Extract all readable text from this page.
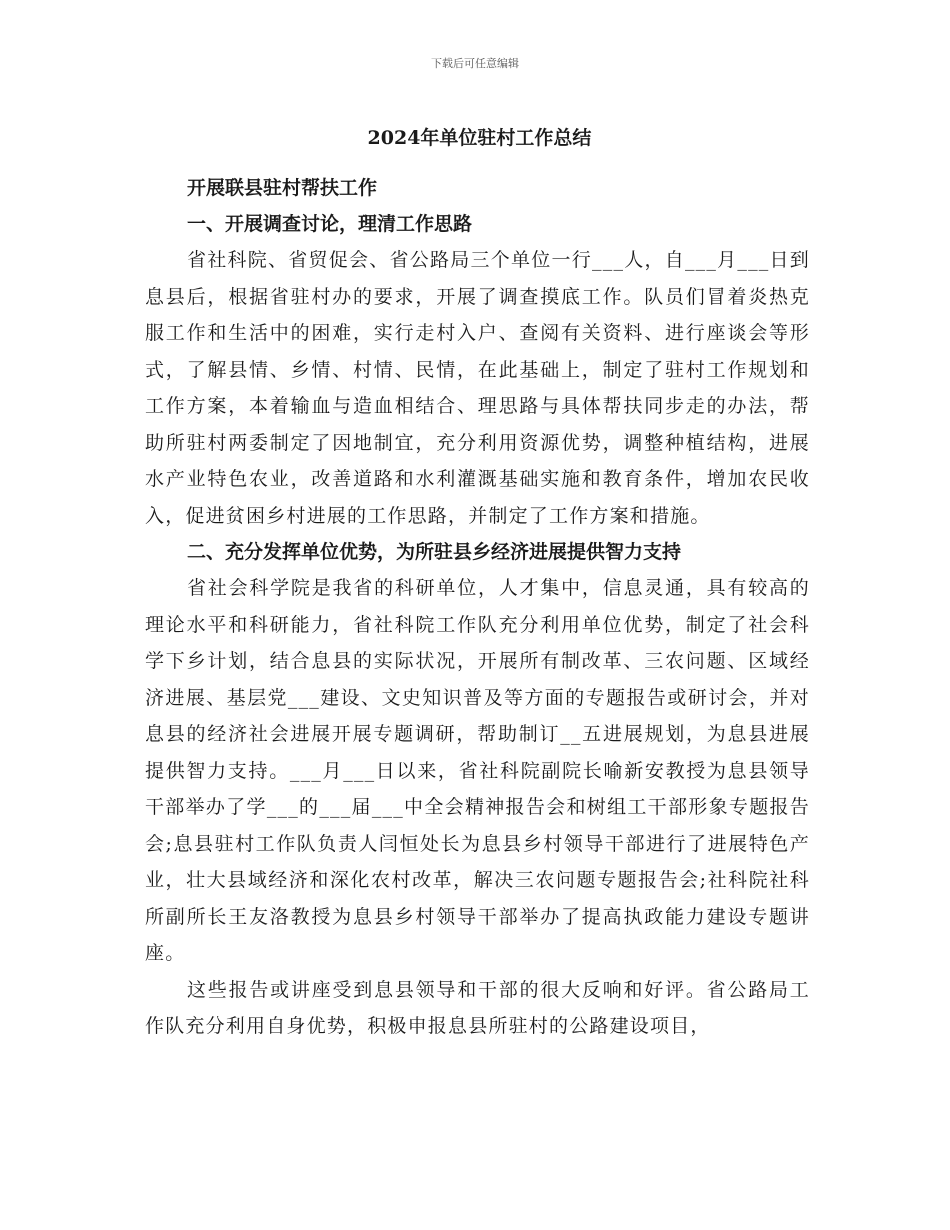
下载后可任意编辑
2024年单位驻村工作总结

开展联县驻村帮扶工作

一、开展调查讨论，理清工作思路

省社科院、省贸促会、省公路局三个单位一行___人，自___月___日到息县后，根据省驻村办的要求，开展了调查摸底工作。队员们冒着炎热克服工作和生活中的困难，实行走村入户、查阅有关资料、进行座谈会等形式，了解县情、乡情、村情、民情，在此基础上，制定了驻村工作规划和工作方案，本着输血与造血相结合、理思路与具体帮扶同步走的办法，帮助所驻村两委制定了因地制宜，充分利用资源优势，调整种植结构，进展水产业特色农业，改善道路和水利灌溉基础实施和教育条件，增加农民收入，促进贫困乡村进展的工作思路，并制定了工作方案和措施。

二、充分发挥单位优势，为所驻县乡经济进展提供智力支持

省社会科学院是我省的科研单位，人才集中，信息灵通，具有较高的理论水平和科研能力，省社科院工作队充分利用单位优势，制定了社会科学下乡计划，结合息县的实际状况，开展所有制改革、三农问题、区域经济进展、基层党___建设、文史知识普及等方面的专题报告或研讨会，并对息县的经济社会进展开展专题调研，帮助制订__五进展规划，为息县进展提供智力支持。___月___日以来，省社科院副院长喻新安教授为息县领导干部举办了学___的___届___中全会精神报告会和树组工干部形象专题报告会;息县驻村工作队负责人闫恒处长为息县乡村领导干部进行了进展特色产业，壮大县域经济和深化农村改革，解决三农问题专题报告会;社科院社科所副所长王友洛教授为息县乡村领导干部举办了提高执政能力建设专题讲座。

这些报告或讲座受到息县领导和干部的很大反响和好评。省公路局工作队充分利用自身优势，积极申报息县所驻村的公路建设项目，
